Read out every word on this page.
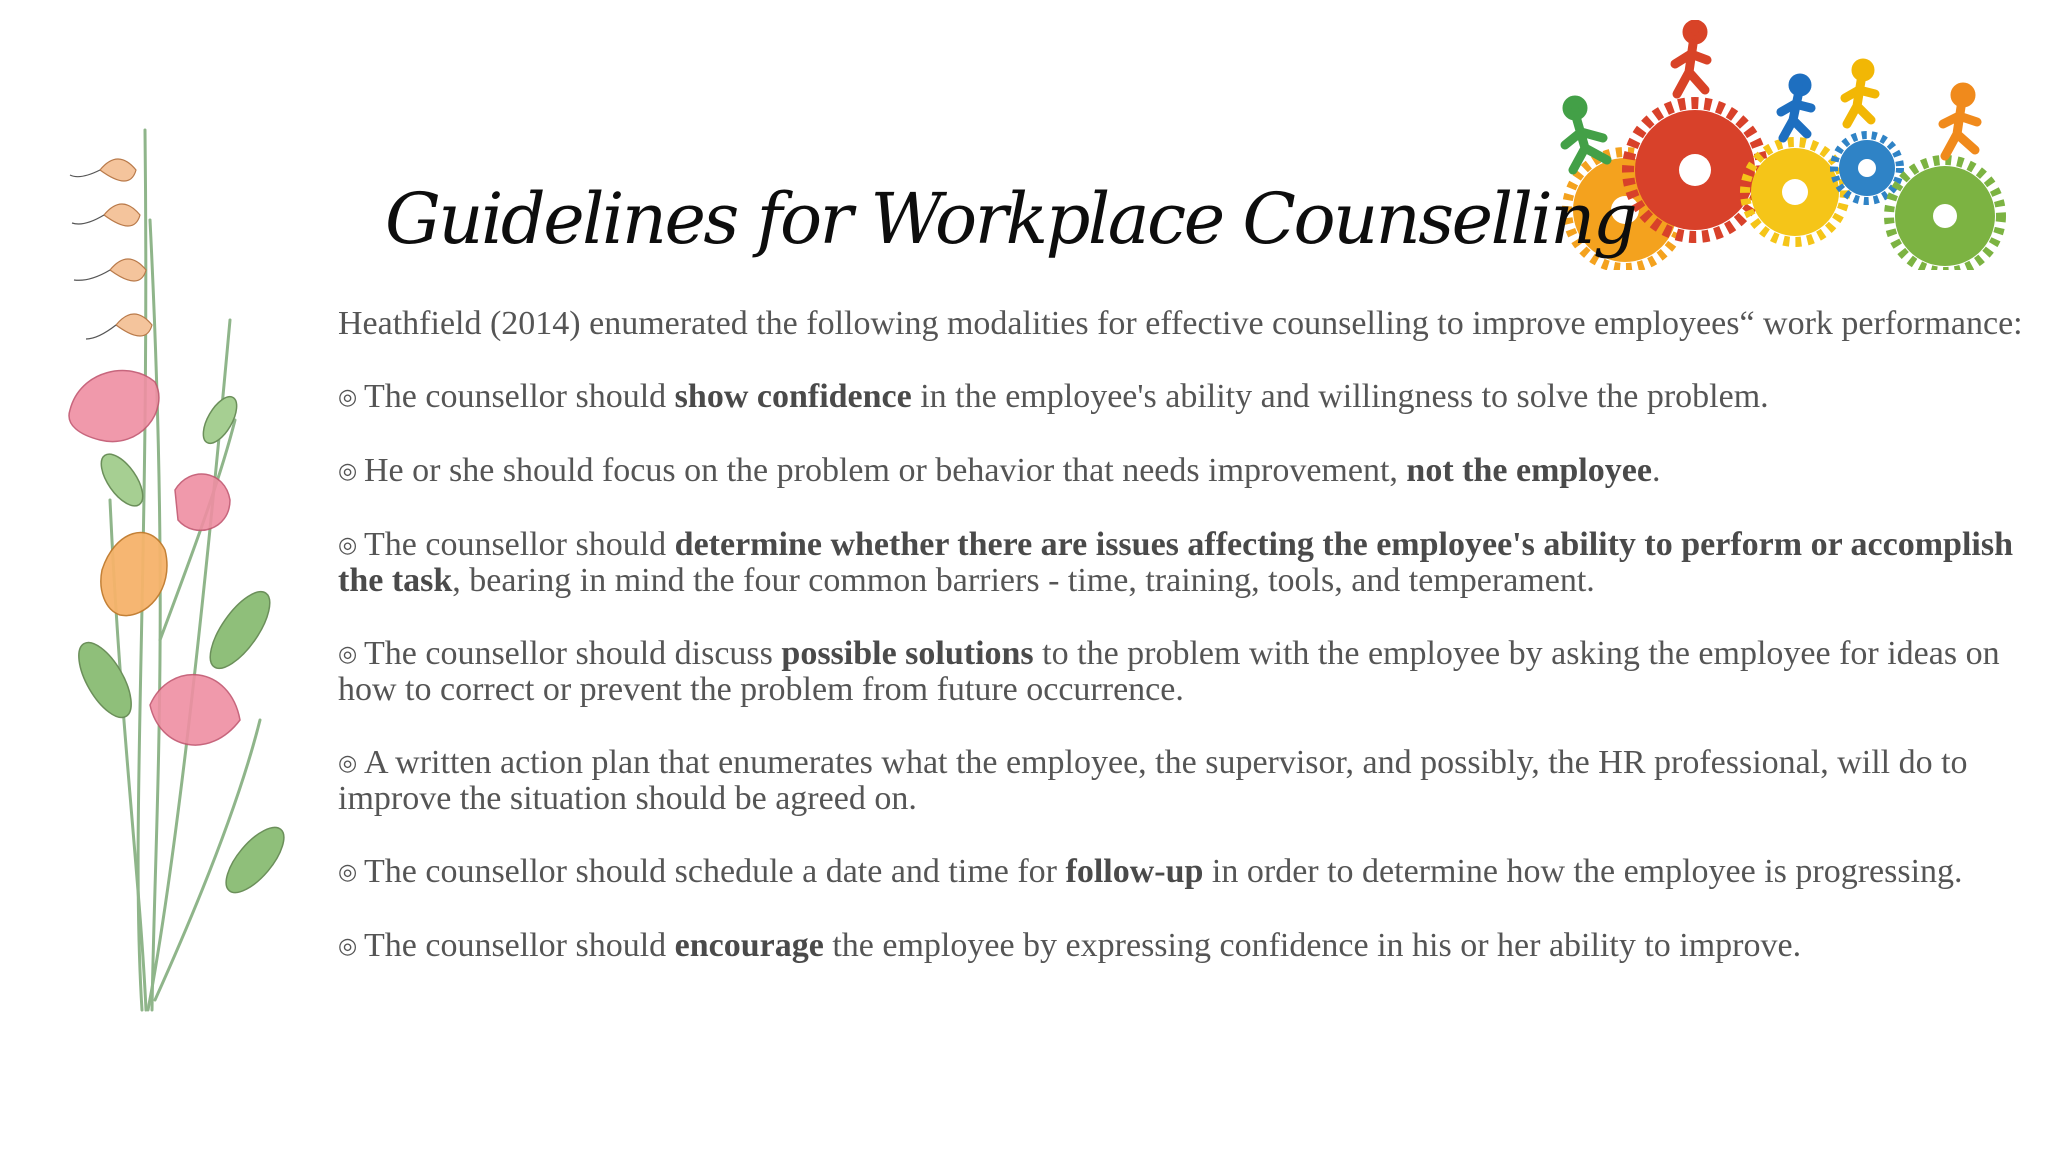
Guidelines for Workplace Counselling

Heathfield (2014) enumerated the following modalities for effective counselling to improve employees“ work performance:

◎ The counsellor should show confidence in the employee's ability and willingness to solve the problem.

◎ He or she should focus on the problem or behavior that needs improvement, not the employee.

◎ The counsellor should determine whether there are issues affecting the employee's ability to perform or accomplish the task, bearing in mind the four common barriers - time, training, tools, and temperament.

◎ The counsellor should discuss possible solutions to the problem with the employee by asking the employee for ideas on how to correct or prevent the problem from future occurrence.

◎ A written action plan that enumerates what the employee, the supervisor, and possibly, the HR professional, will do to improve the situation should be agreed on.

◎ The counsellor should schedule a date and time for follow-up in order to determine how the employee is progressing.

◎ The counsellor should encourage the employee by expressing confidence in his or her ability to improve.
